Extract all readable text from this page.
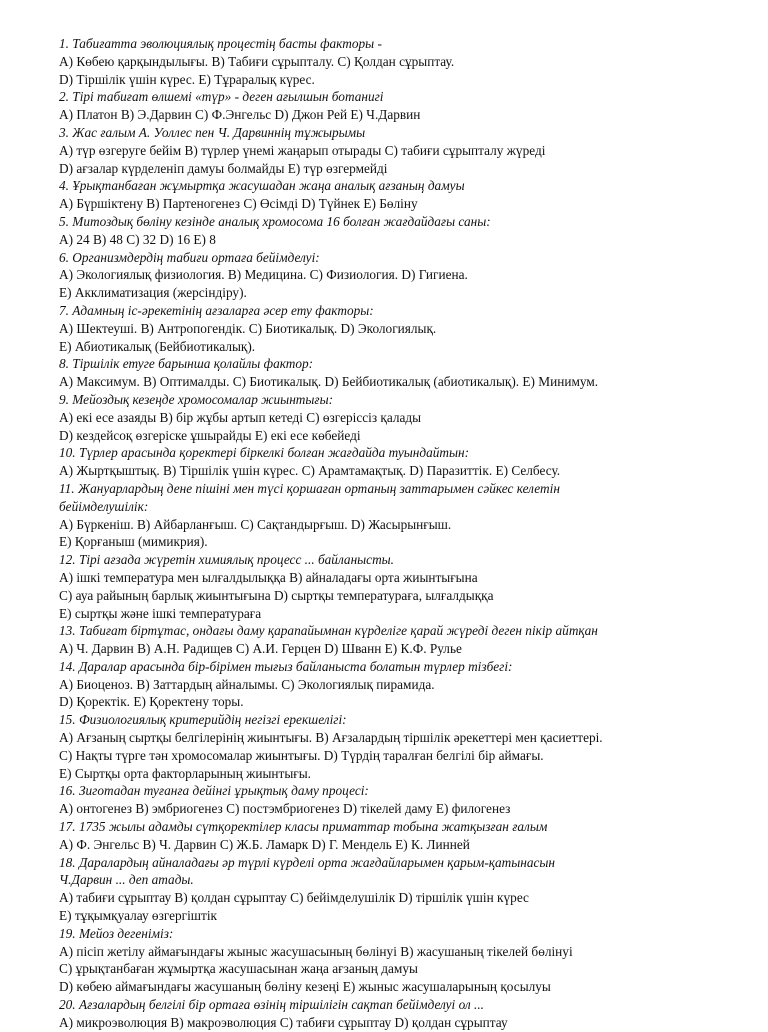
1. Табиғатта эволюциялық процестің басты факторы -
A) Көбею қарқындылығы. B) Табиғи сұрыпталу. C) Қолдан сұрыптау.
D) Тіршілік үшін күрес. E) Тұраралық күрес.
2. Тірі табиғат өлшемі «түр» - деген ағылшын ботанигі
A) Платон B) Э.Дарвин C) Ф.Энгельс D) Джон Рей E) Ч.Дарвин
3. Жас ғалым А. Уоллес пен Ч. Дарвиннің тұжырымы
A) түр өзгеруге бейім B) түрлер үнемі жаңарып отырады C) табиғи сұрыпталу жүреді
D) ағзалар күрделеніп дамуы болмайды E) түр өзгермейді
4. Ұрықтанбаған жұмыртқа жасушадан жаңа аналық ағзаның дамуы
A) Бүршіктену B) Партеногенез C) Өсімді D) Түйнек E) Бөліну
5. Митоздық бөліну кезінде аналық хромосома 16 болған жағдайдағы саны:
A) 24 B) 48 C) 32 D) 16 E) 8
6. Организмдердің табиғи ортаға бейімделуі:
A) Экологиялық физиология. B) Медицина. C) Физиология. D) Гигиена.
E) Акклиматизация (жерсіндіру).
7. Адамның іс-әрекетінің ағзаларға әсер ету факторы:
A) Шектеуші. B) Антропогендік. C) Биотикалық. D) Экологиялық.
E) Абиотикалық (Бейбиотикалық).
8. Тіршілік етуге барынша қолайлы фактор:
A) Максимум. B) Оптималды. C) Биотикалық. D) Бейбиотикалық (абиотикалық). E) Минимум.
9. Мейоздық кезеңде хромосомалар жиынтығы:
A) екі есе азаяды B) бір жұбы артып кетеді C) өзгеріссіз қалады
D) кездейсоқ өзгеріске ұшырайды E) екі есе көбейеді
10. Түрлер арасында қоректері біркелкі болған жағдайда туындайтын:
A) Жыртқыштық. B) Тіршілік үшін күрес. C) Арамтамақтық. D) Паразиттік. E) Селбесу.
11. Жануарлардың дене пішіні мен түсі қоршаған ортаның заттарымен сәйкес келетін
бейімделушілік:
A) Бүркеніш. B) Айбарланғыш. C) Сақтандырғыш. D) Жасырынғыш.
E) Қорғаныш (мимикрия).
12. Тірі ағзада жүретін химиялық процесс ... байланысты.
A) ішкі температура мен ылғалдылыққа B) айналадағы орта жиынтығына
C) ауа райының барлық жиынтығына D) сыртқы температураға, ылғалдыққа
E) сыртқы және ішкі температураға
13. Табиғат біртұтас, ондағы даму қарапайымнан күрделіге қарай жүреді деген пікір айтқан
A) Ч. Дарвин B) А.Н. Радищев C) А.И. Герцен D) Шванн E) К.Ф. Рулье
14. Даралар арасында бір-бірімен тығыз байланыста болатын түрлер тізбегі:
A) Биоценоз. B) Заттардың айналымы. C) Экологиялық пирамида.
D) Қоректік. E) Қоректену торы.
15. Физиологиялық критерийдің негізгі ерекшелігі:
A) Ағзаның сыртқы белгілерінің жиынтығы. B) Ағзалардың тіршілік әрекеттері мен қасиеттері.
C) Нақты түрге тән хромосомалар жиынтығы. D) Түрдің таралған белгілі бір аймағы.
E) Сыртқы орта факторларының жиынтығы.
16. Зиготадан туғанға дейінгі ұрықтық даму процесі:
A) онтогенез B) эмбриогенез C) постэмбриогенез D) тікелей даму E) филогенез
17. 1735 жылы адамды сүтқоректілер класы приматтар тобына жатқызған ғалым
A) Ф. Энгельс B) Ч. Дарвин C) Ж.Б. Ламарк D) Г. Мендель E) К. Линней
18. Даралардың айналадағы әр түрлі күрделі орта жағдайларымен қарым-қатынасын
Ч.Дарвин ... деп атады.
A) табиғи сұрыптау B) қолдан сұрыптау C) бейімделушілік D) тіршілік үшін күрес
E) тұқымқуалау өзгергіштік
19. Мейоз дегеніміз:
A) пісіп жетілу аймағындағы жыныс жасушасының бөлінуі B) жасушаның тікелей бөлінуі
C) ұрықтанбаған жұмыртқа жасушасынан жаңа ағзаның дамуы
D) көбею аймағындағы жасушаның бөліну кезеңі E) жыныс жасушаларының қосылуы
20. Ағзалардың белгілі бір ортаға өзінің тіршілігін сақтап бейімделуі ол ...
A) микроэволюция B) макроэволюция C) табиғи сұрыптау D) қолдан сұрыптау
